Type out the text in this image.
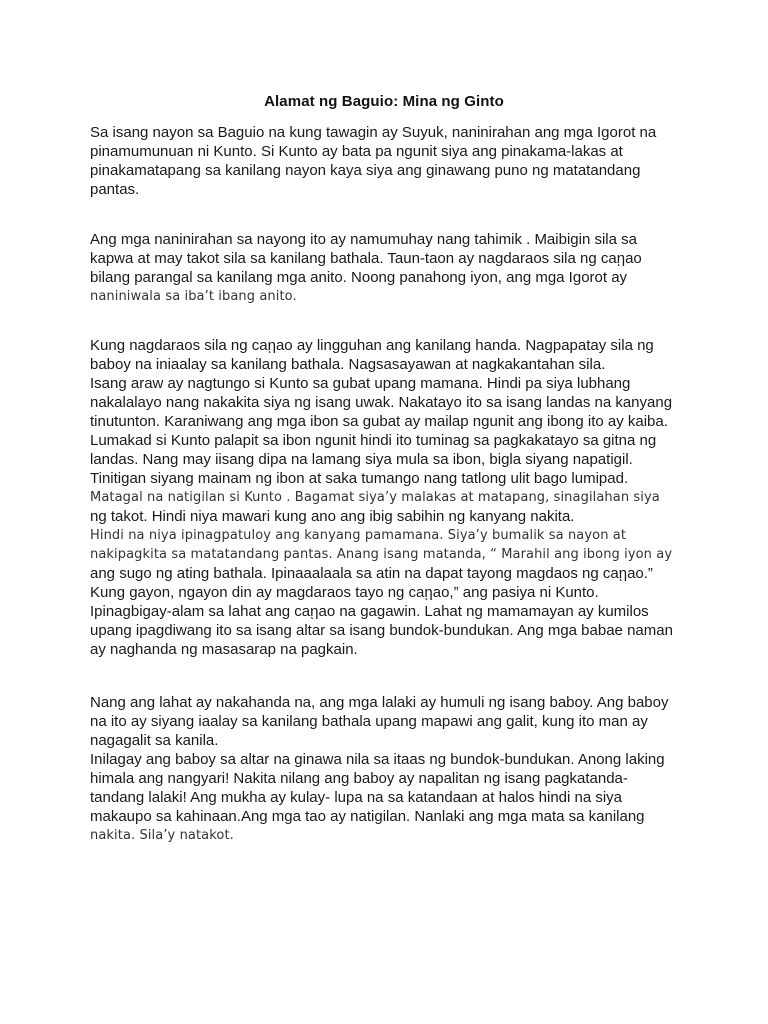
Alamat ng Baguio: Mina ng Ginto
Sa isang nayon sa Baguio na kung tawagin ay Suyuk, naninirahan ang mga Igorot na
pinamumunuan ni Kunto. Si Kunto ay bata pa ngunit siya ang pinakama-lakas at
pinakamatapang sa kanilang nayon kaya siya ang ginawang puno ng matatandang
pantas.
Ang mga naninirahan sa nayong ito ay namumuhay nang tahimik . Maibigin sila sa
kapwa at may takot sila sa kanilang bathala. Taun-taon ay nagdaraos sila ng caῃao
bilang parangal sa kanilang mga anito. Noong panahong iyon, ang mga Igorot ay
naniniwala sa iba’t ibang anito.
Kung nagdaraos sila ng caῃao ay lingguhan ang kanilang handa. Nagpapatay sila ng
baboy na iniaalay sa kanilang bathala. Nagsasayawan at nagkakantahan sila.
Isang araw ay nagtungo si Kunto sa gubat upang mamana. Hindi pa siya lubhang
nakalalayo nang nakakita siya ng isang uwak. Nakatayo ito sa isang landas na kanyang
tinutunton. Karaniwang ang mga ibon sa gubat ay mailap ngunit ang ibong ito ay kaiba.
Lumakad si Kunto palapit sa ibon ngunit hindi ito tuminag sa pagkakatayo sa gitna ng
landas. Nang may iisang dipa na lamang siya mula sa ibon, bigla siyang napatigil.
Tinitigan siyang mainam ng ibon at saka tumango nang tatlong ulit bago lumipad.
Matagal na natigilan si Kunto . Bagamat siya’y malakas at matapang, sinagilahan siya
ng takot. Hindi niya mawari kung ano ang ibig sabihin ng kanyang nakita.
Hindi na niya ipinagpatuloy ang kanyang pamamana. Siya’y bumalik sa nayon at
nakipagkita sa matatandang pantas. Anang isang matanda, “ Marahil ang ibong iyon ay
ang sugo ng ating bathala. Ipinaaalaala sa atin na dapat tayong magdaos ng caῃao.”
Kung gayon, ngayon din ay magdaraos tayo ng caῃao,” ang pasiya ni Kunto.
Ipinagbigay-alam sa lahat ang caῃao na gagawin. Lahat ng mamamayan ay kumilos
upang ipagdiwang ito sa isang altar sa isang bundok-bundukan. Ang mga babae naman
ay naghanda ng masasarap na pagkain.
Nang ang lahat ay nakahanda na, ang mga lalaki ay humuli ng isang baboy. Ang baboy
na ito ay siyang iaalay sa kanilang bathala upang mapawi ang galit, kung ito man ay
nagagalit sa kanila.
Inilagay ang baboy sa altar na ginawa nila sa itaas ng bundok-bundukan. Anong laking
himala ang nangyari! Nakita nilang ang baboy ay napalitan ng isang pagkatanda-
tandang lalaki! Ang mukha ay kulay- lupa na sa katandaan at halos hindi na siya
makaupo sa kahinaan.Ang mga tao ay natigilan. Nanlaki ang mga mata sa kanilang
nakita. Sila’y natakot.
